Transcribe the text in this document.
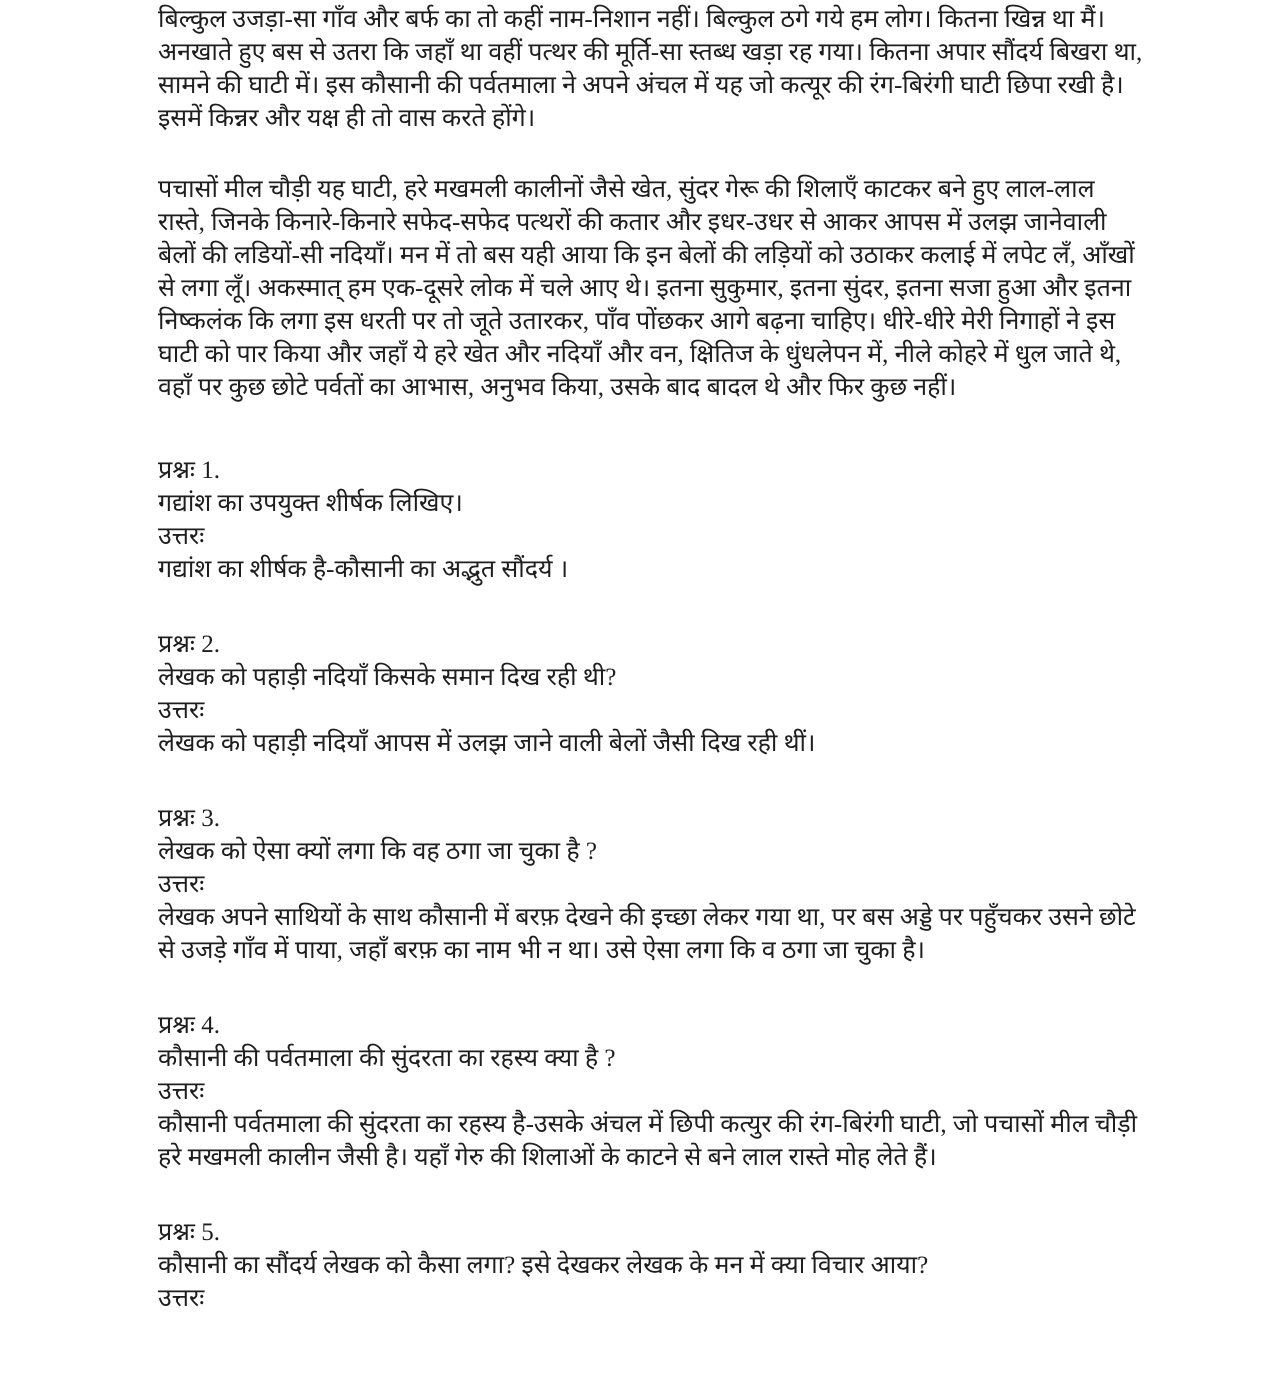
बिल्कुल उजड़ा-सा गाँव और बर्फ का तो कहीं नाम-निशान नहीं। बिल्कुल ठगे गये हम लोग। कितना खिन्न था मैं। अनखाते हुए बस से उतरा कि जहाँ था वहीं पत्थर की मूर्ति-सा स्तब्ध खड़ा रह गया। कितना अपार सौंदर्य बिखरा था, सामने की घाटी में। इस कौसानी की पर्वतमाला ने अपने अंचल में यह जो कत्यूर की रंग-बिरंगी घाटी छिपा रखी है। इसमें किन्नर और यक्ष ही तो वास करते होंगे।

पचासों मील चौड़ी यह घाटी, हरे मखमली कालीनों जैसे खेत, सुंदर गेरू की शिलाएँ काटकर बने हुए लाल-लाल रास्ते, जिनके किनारे-किनारे सफेद-सफेद पत्थरों की कतार और इधर-उधर से आकर आपस में उलझ जानेवाली बेलों की लडियों-सी नदियाँ। मन में तो बस यही आया कि इन बेलों की लड़ियों को उठाकर कलाई में लपेट लँ, आँखों से लगा लूँ। अकस्मात् हम एक-दूसरे लोक में चले आए थे। इतना सुकुमार, इतना सुंदर, इतना सजा हुआ और इतना निष्कलंक कि लगा इस धरती पर तो जूते उतारकर, पाँव पोंछकर आगे बढ़ना चाहिए। धीरे-धीरे मेरी निगाहों ने इस घाटी को पार किया और जहाँ ये हरे खेत और नदियाँ और वन, क्षितिज के धुंधलेपन में, नीले कोहरे में धुल जाते थे, वहाँ पर कुछ छोटे पर्वतों का आभास, अनुभव किया, उसके बाद बादल थे और फिर कुछ नहीं।

प्रश्नः 1.
गद्यांश का उपयुक्त शीर्षक लिखिए।
उत्तरः
गद्यांश का शीर्षक है-कौसानी का अद्भुत सौंदर्य ।
प्रश्नः 2.
लेखक को पहाड़ी नदियाँ किसके समान दिख रही थी?
उत्तरः
लेखक को पहाड़ी नदियाँ आपस में उलझ जाने वाली बेलों जैसी दिख रही थीं।
प्रश्नः 3.
लेखक को ऐसा क्यों लगा कि वह ठगा जा चुका है ?
उत्तरः
लेखक अपने साथियों के साथ कौसानी में बरफ़ देखने की इच्छा लेकर गया था, पर बस अड्डे पर पहुँचकर उसने छोटे से उजड़े गाँव में पाया, जहाँ बरफ़ का नाम भी न था। उसे ऐसा लगा कि व ठगा जा चुका है।
प्रश्नः 4.
कौसानी की पर्वतमाला की सुंदरता का रहस्य क्या है ?
उत्तरः
कौसानी पर्वतमाला की सुंदरता का रहस्य है-उसके अंचल में छिपी कत्युर की रंग-बिरंगी घाटी, जो पचासों मील चौड़ी हरे मखमली कालीन जैसी है। यहाँ गेरु की शिलाओं के काटने से बने लाल रास्ते मोह लेते हैं।
प्रश्नः 5.
कौसानी का सौंदर्य लेखक को कैसा लगा? इसे देखकर लेखक के मन में क्या विचार आया?
उत्तरः
